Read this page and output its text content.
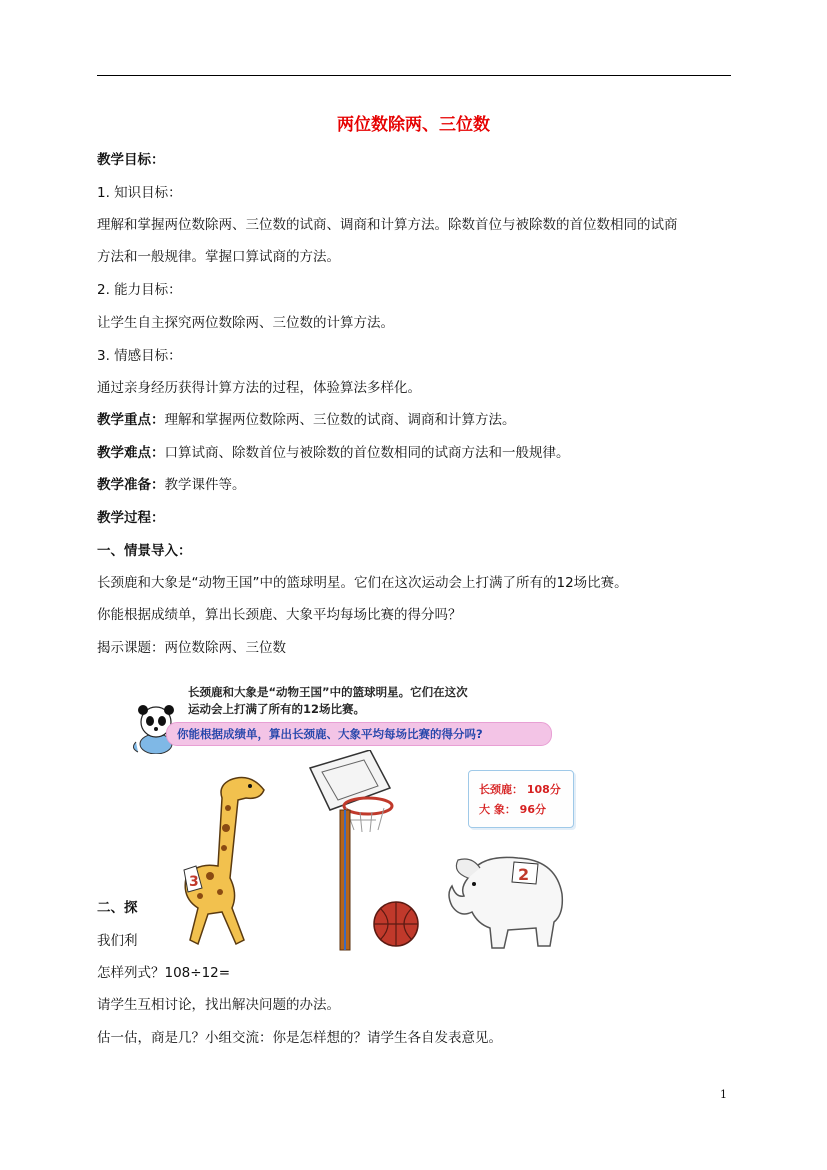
两位数除两、三位数
教学目标：
1. 知识目标：
理解和掌握两位数除两、三位数的试商、调商和计算方法。除数首位与被除数的首位数相同的试商
方法和一般规律。掌握口算试商的方法。
2. 能力目标：
让学生自主探究两位数除两、三位数的计算方法。
3. 情感目标：
通过亲身经历获得计算方法的过程，体验算法多样化。
教学重点：理解和掌握两位数除两、三位数的试商、调商和计算方法。
教学难点：口算试商、除数首位与被除数的首位数相同的试商方法和一般规律。
教学准备：教学课件等。
教学过程：
一、情景导入：
长颈鹿和大象是“动物王国”中的篮球明星。它们在这次运动会上打满了所有的12场比赛。
你能根据成绩单，算出长颈鹿、大象平均每场比赛的得分吗？
揭示课题：两位数除两、三位数
二、探
我们利
怎样列式？108÷12=
请学生互相讨论，找出解决问题的办法。
估一估，商是几？小组交流：你是怎样想的？请学生各自发表意见。
长颈鹿和大象是“动物王国”中的篮球明星。它们在这次
运动会上打满了所有的12场比赛。
你能根据成绩单，算出长颈鹿、大象平均每场比赛的得分吗?
长颈鹿： 108分
大 象： 96分
3	2
1
